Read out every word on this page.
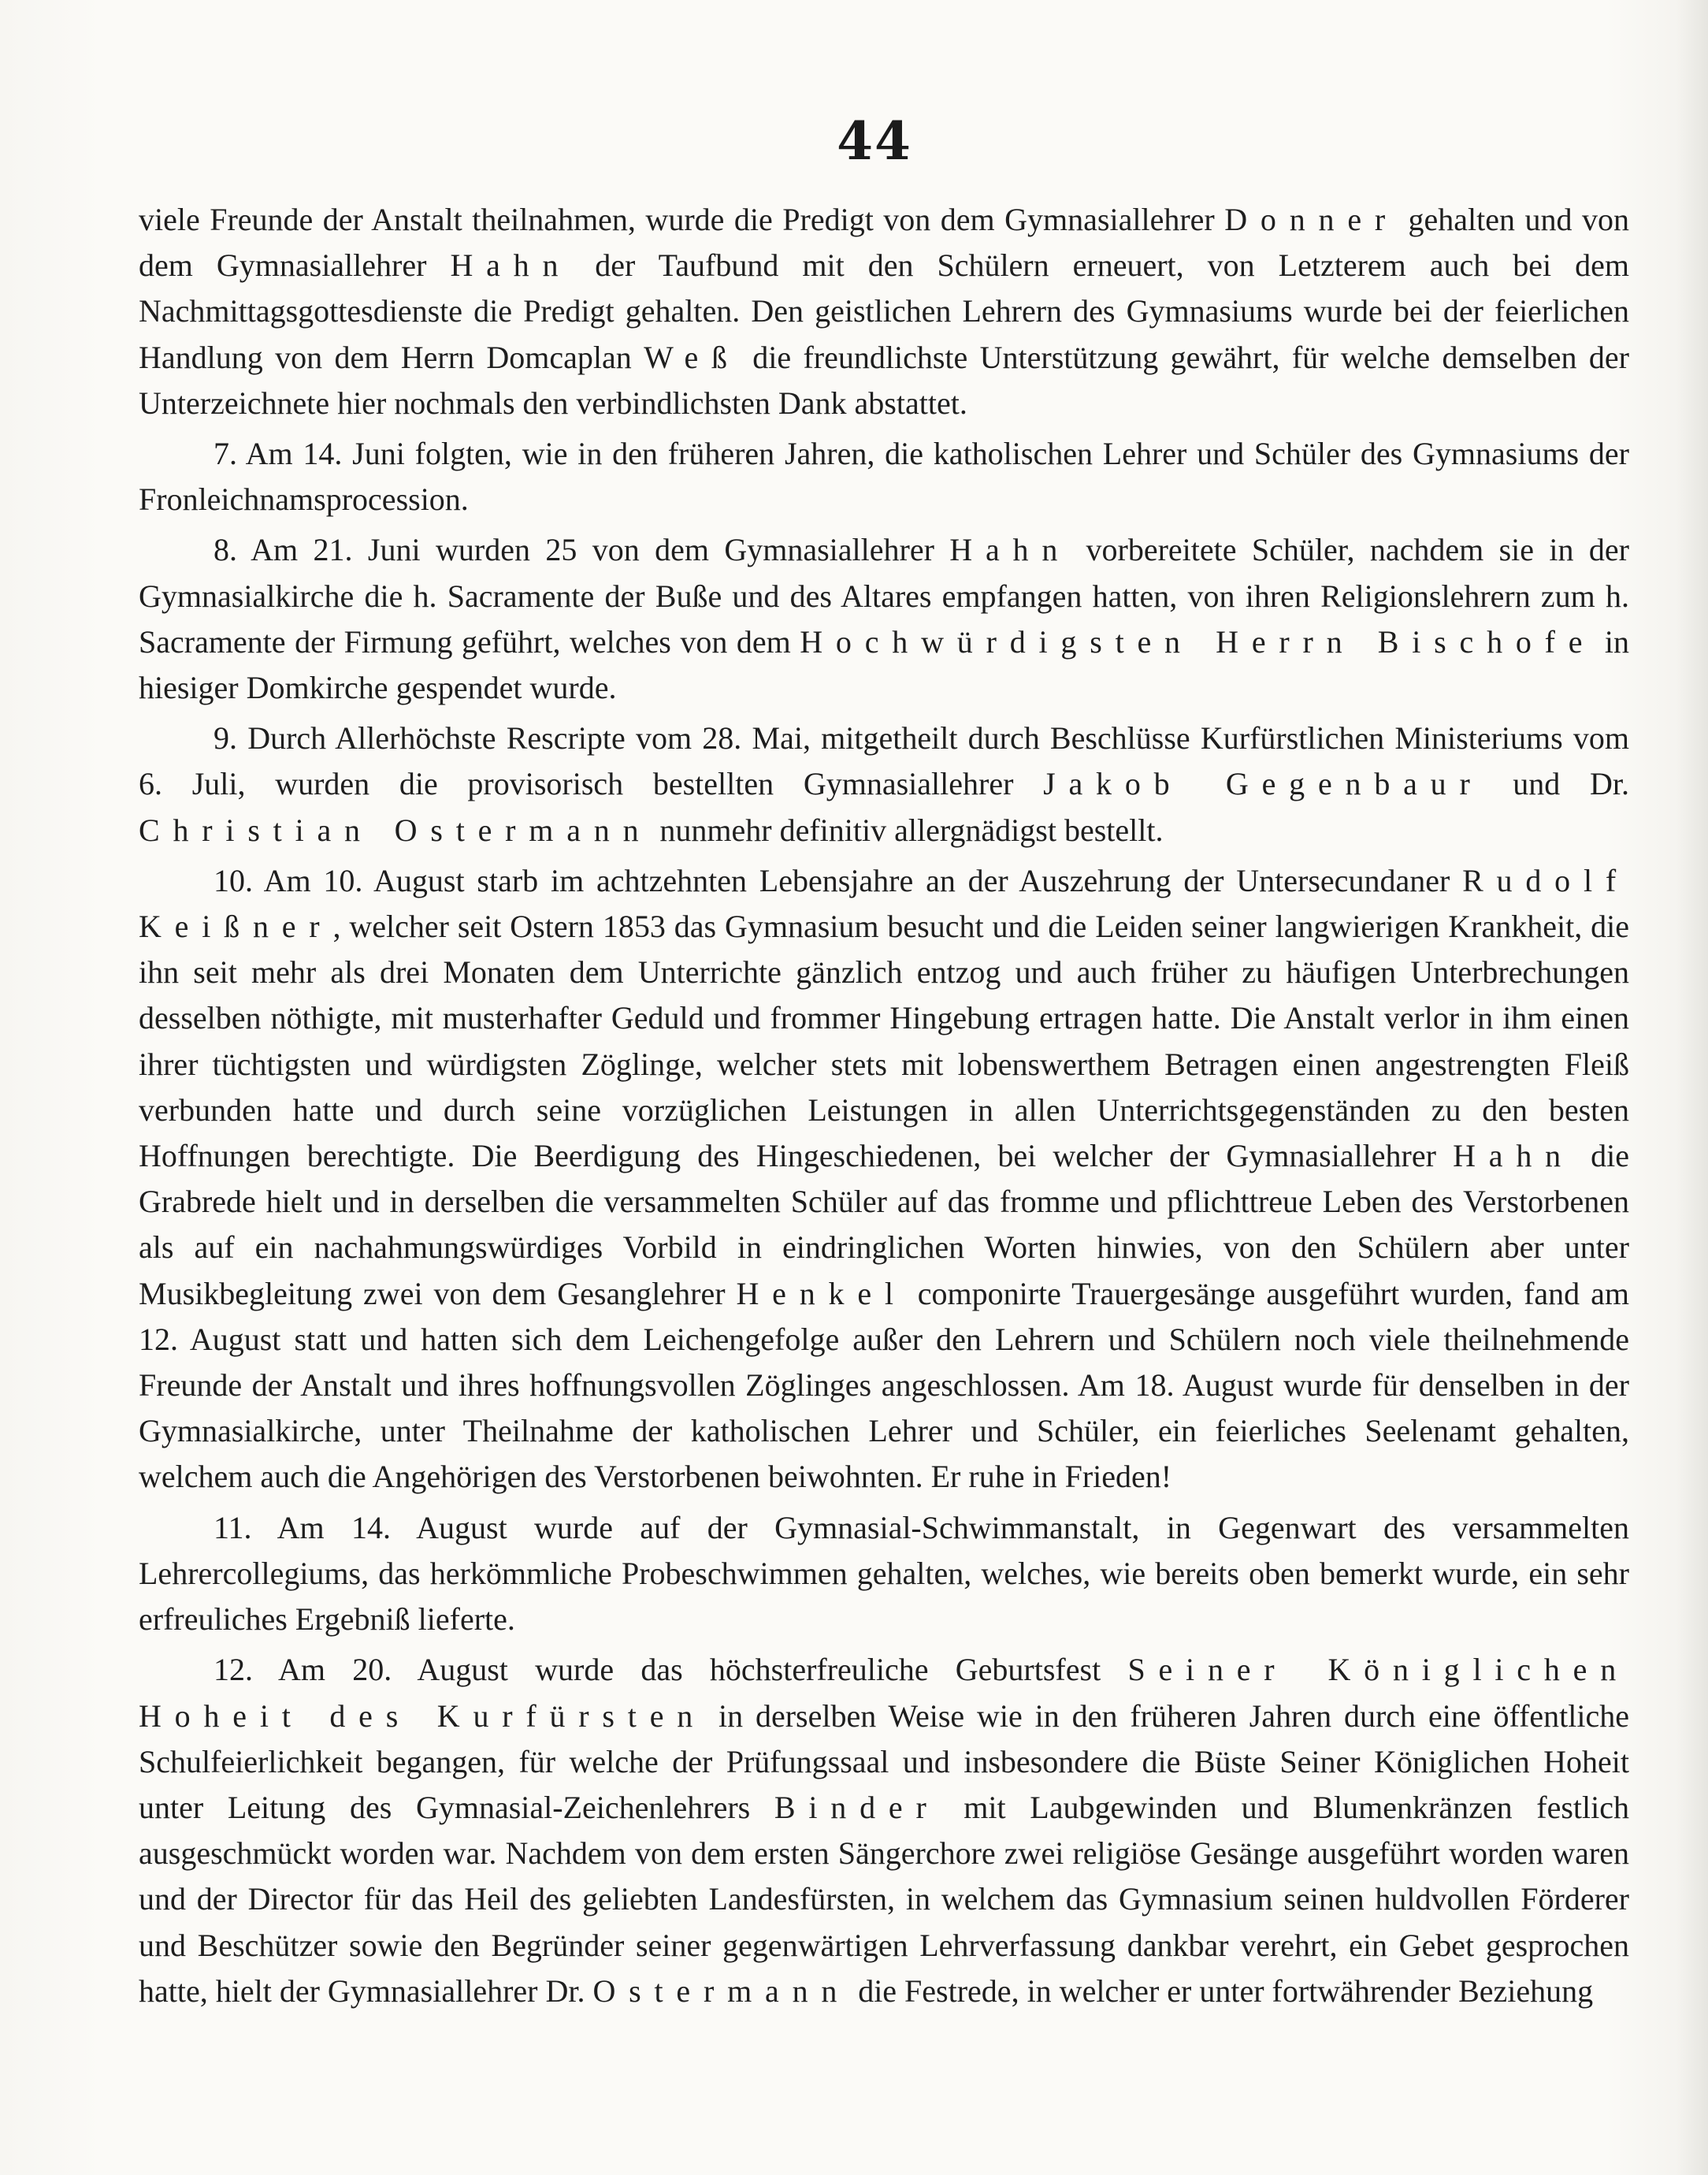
44

viele Freunde der Anstalt theilnahmen, wurde die Predigt von dem Gymnasiallehrer Donner gehalten und von dem Gymnasiallehrer Hahn der Taufbund mit den Schülern erneuert, von Letzterem auch bei dem Nachmittagsgottesdienste die Predigt gehalten. Den geistlichen Lehrern des Gymnasiums wurde bei der feierlichen Handlung von dem Herrn Domcaplan Weß die freundlichste Unterstützung gewährt, für welche demselben der Unterzeichnete hier nochmals den verbindlichsten Dank abstattet.

7. Am 14. Juni folgten, wie in den früheren Jahren, die katholischen Lehrer und Schüler des Gymnasiums der Fronleichnamsprocession.

8. Am 21. Juni wurden 25 von dem Gymnasiallehrer Hahn vorbereitete Schüler, nachdem sie in der Gymnasialkirche die h. Sacramente der Buße und des Altares empfangen hatten, von ihren Religionslehrern zum h. Sacramente der Firmung geführt, welches von dem Hochwürdigsten Herrn Bischofe in hiesiger Domkirche gespendet wurde.

9. Durch Allerhöchste Rescripte vom 28. Mai, mitgetheilt durch Beschlüsse Kurfürstlichen Ministeriums vom 6. Juli, wurden die provisorisch bestellten Gymnasiallehrer Jakob Gegenbaur und Dr. Christian Ostermann nunmehr definitiv allergnädigst bestellt.

10. Am 10. August starb im achtzehnten Lebensjahre an der Auszehrung der Untersecundaner Rudolf Keißner, welcher seit Ostern 1853 das Gymnasium besucht und die Leiden seiner langwierigen Krankheit, die ihn seit mehr als drei Monaten dem Unterrichte gänzlich entzog und auch früher zu häufigen Unterbrechungen desselben nöthigte, mit musterhafter Geduld und frommer Hingebung ertragen hatte. Die Anstalt verlor in ihm einen ihrer tüchtigsten und würdigsten Zöglinge, welcher stets mit lobenswerthem Betragen einen angestrengten Fleiß verbunden hatte und durch seine vorzüglichen Leistungen in allen Unterrichtsgegenständen zu den besten Hoffnungen berechtigte. Die Beerdigung des Hingeschiedenen, bei welcher der Gymnasiallehrer Hahn die Grabrede hielt und in derselben die versammelten Schüler auf das fromme und pflichttreue Leben des Verstorbenen als auf ein nachahmungswürdiges Vorbild in eindringlichen Worten hinwies, von den Schülern aber unter Musikbegleitung zwei von dem Gesanglehrer Henkel componirte Trauergesänge ausgeführt wurden, fand am 12. August statt und hatten sich dem Leichengefolge außer den Lehrern und Schülern noch viele theilnehmende Freunde der Anstalt und ihres hoffnungsvollen Zöglinges angeschlossen. Am 18. August wurde für denselben in der Gymnasialkirche, unter Theilnahme der katholischen Lehrer und Schüler, ein feierliches Seelenamt gehalten, welchem auch die Angehörigen des Verstorbenen beiwohnten. Er ruhe in Frieden!

11. Am 14. August wurde auf der Gymnasial-Schwimmanstalt, in Gegenwart des versammelten Lehrercollegiums, das herkömmliche Probeschwimmen gehalten, welches, wie bereits oben bemerkt wurde, ein sehr erfreuliches Ergebniß lieferte.

12. Am 20. August wurde das höchsterfreuliche Geburtsfest Seiner Königlichen Hoheit des Kurfürsten in derselben Weise wie in den früheren Jahren durch eine öffentliche Schulfeierlichkeit begangen, für welche der Prüfungssaal und insbesondere die Büste Seiner Königlichen Hoheit unter Leitung des Gymnasial-Zeichenlehrers Binder mit Laubgewinden und Blumenkränzen festlich ausgeschmückt worden war. Nachdem von dem ersten Sängerchore zwei religiöse Gesänge ausgeführt worden waren und der Director für das Heil des geliebten Landesfürsten, in welchem das Gymnasium seinen huldvollen Förderer und Beschützer sowie den Begründer seiner gegenwärtigen Lehrverfassung dankbar verehrt, ein Gebet gesprochen hatte, hielt der Gymnasiallehrer Dr. Ostermann die Festrede, in welcher er unter fortwährender Beziehung
